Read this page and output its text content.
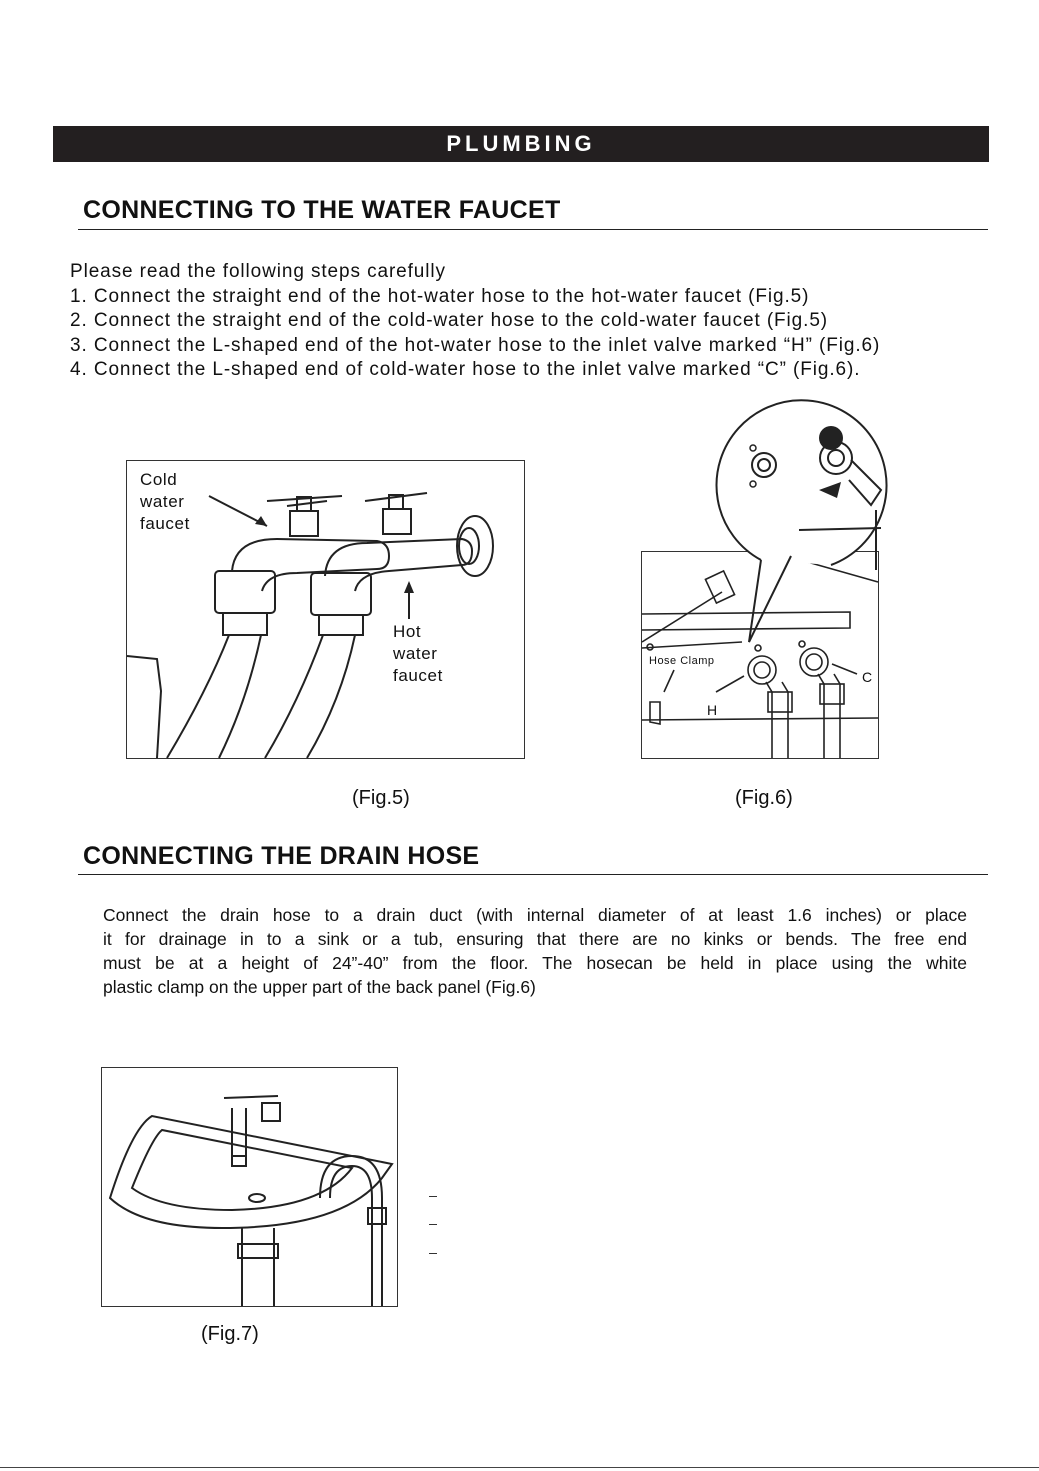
PLUMBING
CONNECTING TO THE WATER FAUCET
Please read the following steps carefully
1. Connect the straight end of the hot-water hose to the hot-water faucet (Fig.5)
2. Connect the straight end of the cold-water hose to the cold-water faucet (Fig.5)
3. Connect the L-shaped end of the hot-water hose to the inlet valve marked “H” (Fig.6)
4. Connect the L-shaped end of cold-water hose to the inlet valve marked “C” (Fig.6).
Cold
water
faucet
Hot
water
faucet
(Fig.5)
Hose Clamp
H
C
(Fig.6)
CONNECTING THE DRAIN HOSE
Connect the drain hose to a drain duct (with internal diameter of at least 1.6 inches) or place
it for drainage in to a sink or a tub, ensuring that there are no kinks or bends. The free end
must be at a height of 24”-40” from the floor. The hosecan be held in place using the white
plastic clamp on the upper part of the back panel (Fig.6)
(Fig.7)
